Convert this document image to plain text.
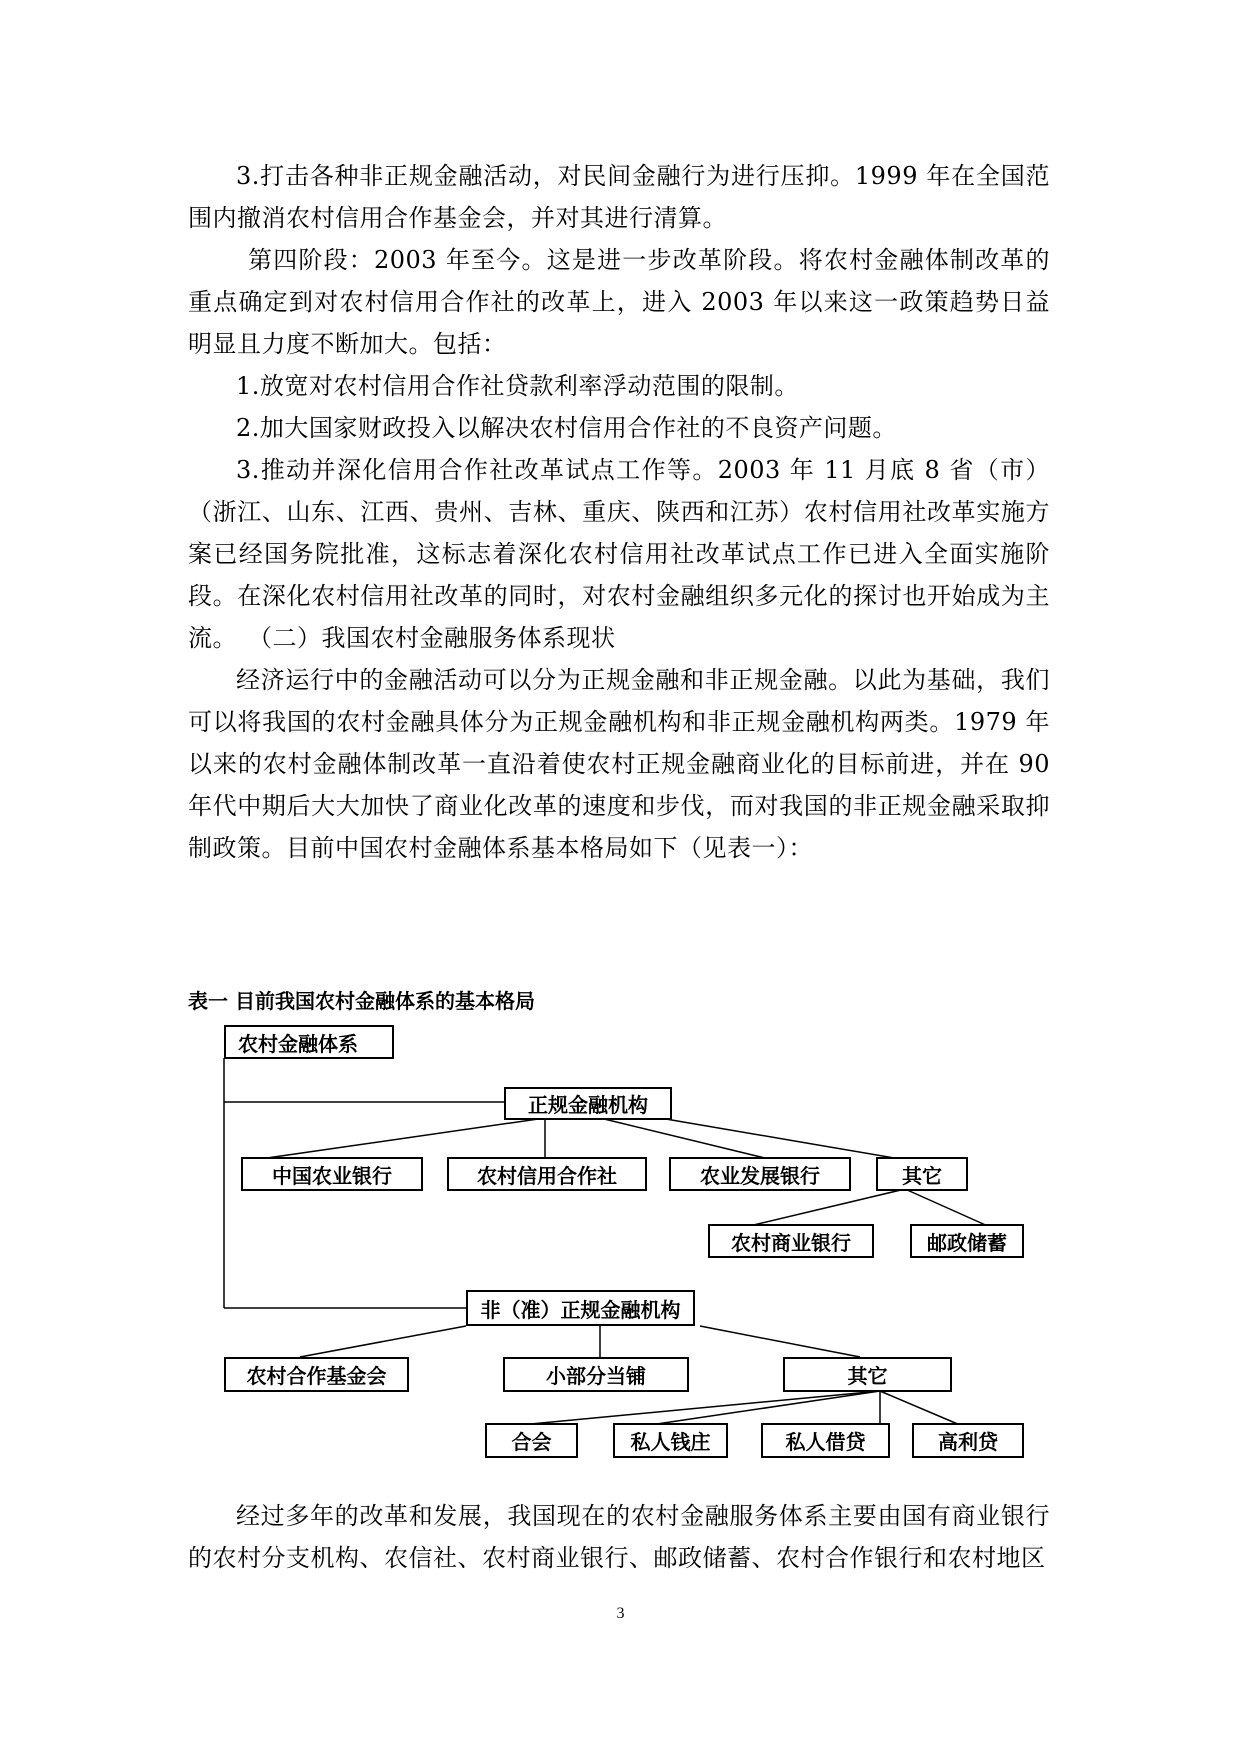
3.打击各种非正规金融活动，对民间金融行为进行压抑。1999 年在全国范围内撤消农村信用合作基金会，并对其进行清算。

第四阶段：2003 年至今。这是进一步改革阶段。将农村金融体制改革的重点确定到对农村信用合作社的改革上，进入 2003 年以来这一政策趋势日益明显且力度不断加大。包括：

1.放宽对农村信用合作社贷款利率浮动范围的限制。

2.加大国家财政投入以解决农村信用合作社的不良资产问题。

3.推动并深化信用合作社改革试点工作等。2003 年 11 月底 8 省（市）（浙江、山东、江西、贵州、吉林、重庆、陕西和江苏）农村信用社改革实施方案已经国务院批准，这标志着深化农村信用社改革试点工作已进入全面实施阶段。在深化农村信用社改革的同时，对农村金融组织多元化的探讨也开始成为主流。 （二）我国农村金融服务体系现状

经济运行中的金融活动可以分为正规金融和非正规金融。以此为基础，我们可以将我国的农村金融具体分为正规金融机构和非正规金融机构两类。1979 年以来的农村金融体制改革一直沿着使农村正规金融商业化的目标前进，并在 90 年代中期后大大加快了商业化改革的速度和步伐，而对我国的非正规金融采取抑制政策。目前中国农村金融体系基本格局如下（见表一）：

表一 目前我国农村金融体系的基本格局

农村金融体系
正规金融机构
中国农业银行	农村信用合作社	农业发展银行	其它
农村商业银行	邮政储蓄
非（准）正规金融机构
农村合作基金会	小部分当铺	其它
合会	私人钱庄	私人借贷	高利贷

经过多年的改革和发展，我国现在的农村金融服务体系主要由国有商业银行的农村分支机构、农信社、农村商业银行、邮政储蓄、农村合作银行和农村地区

3
